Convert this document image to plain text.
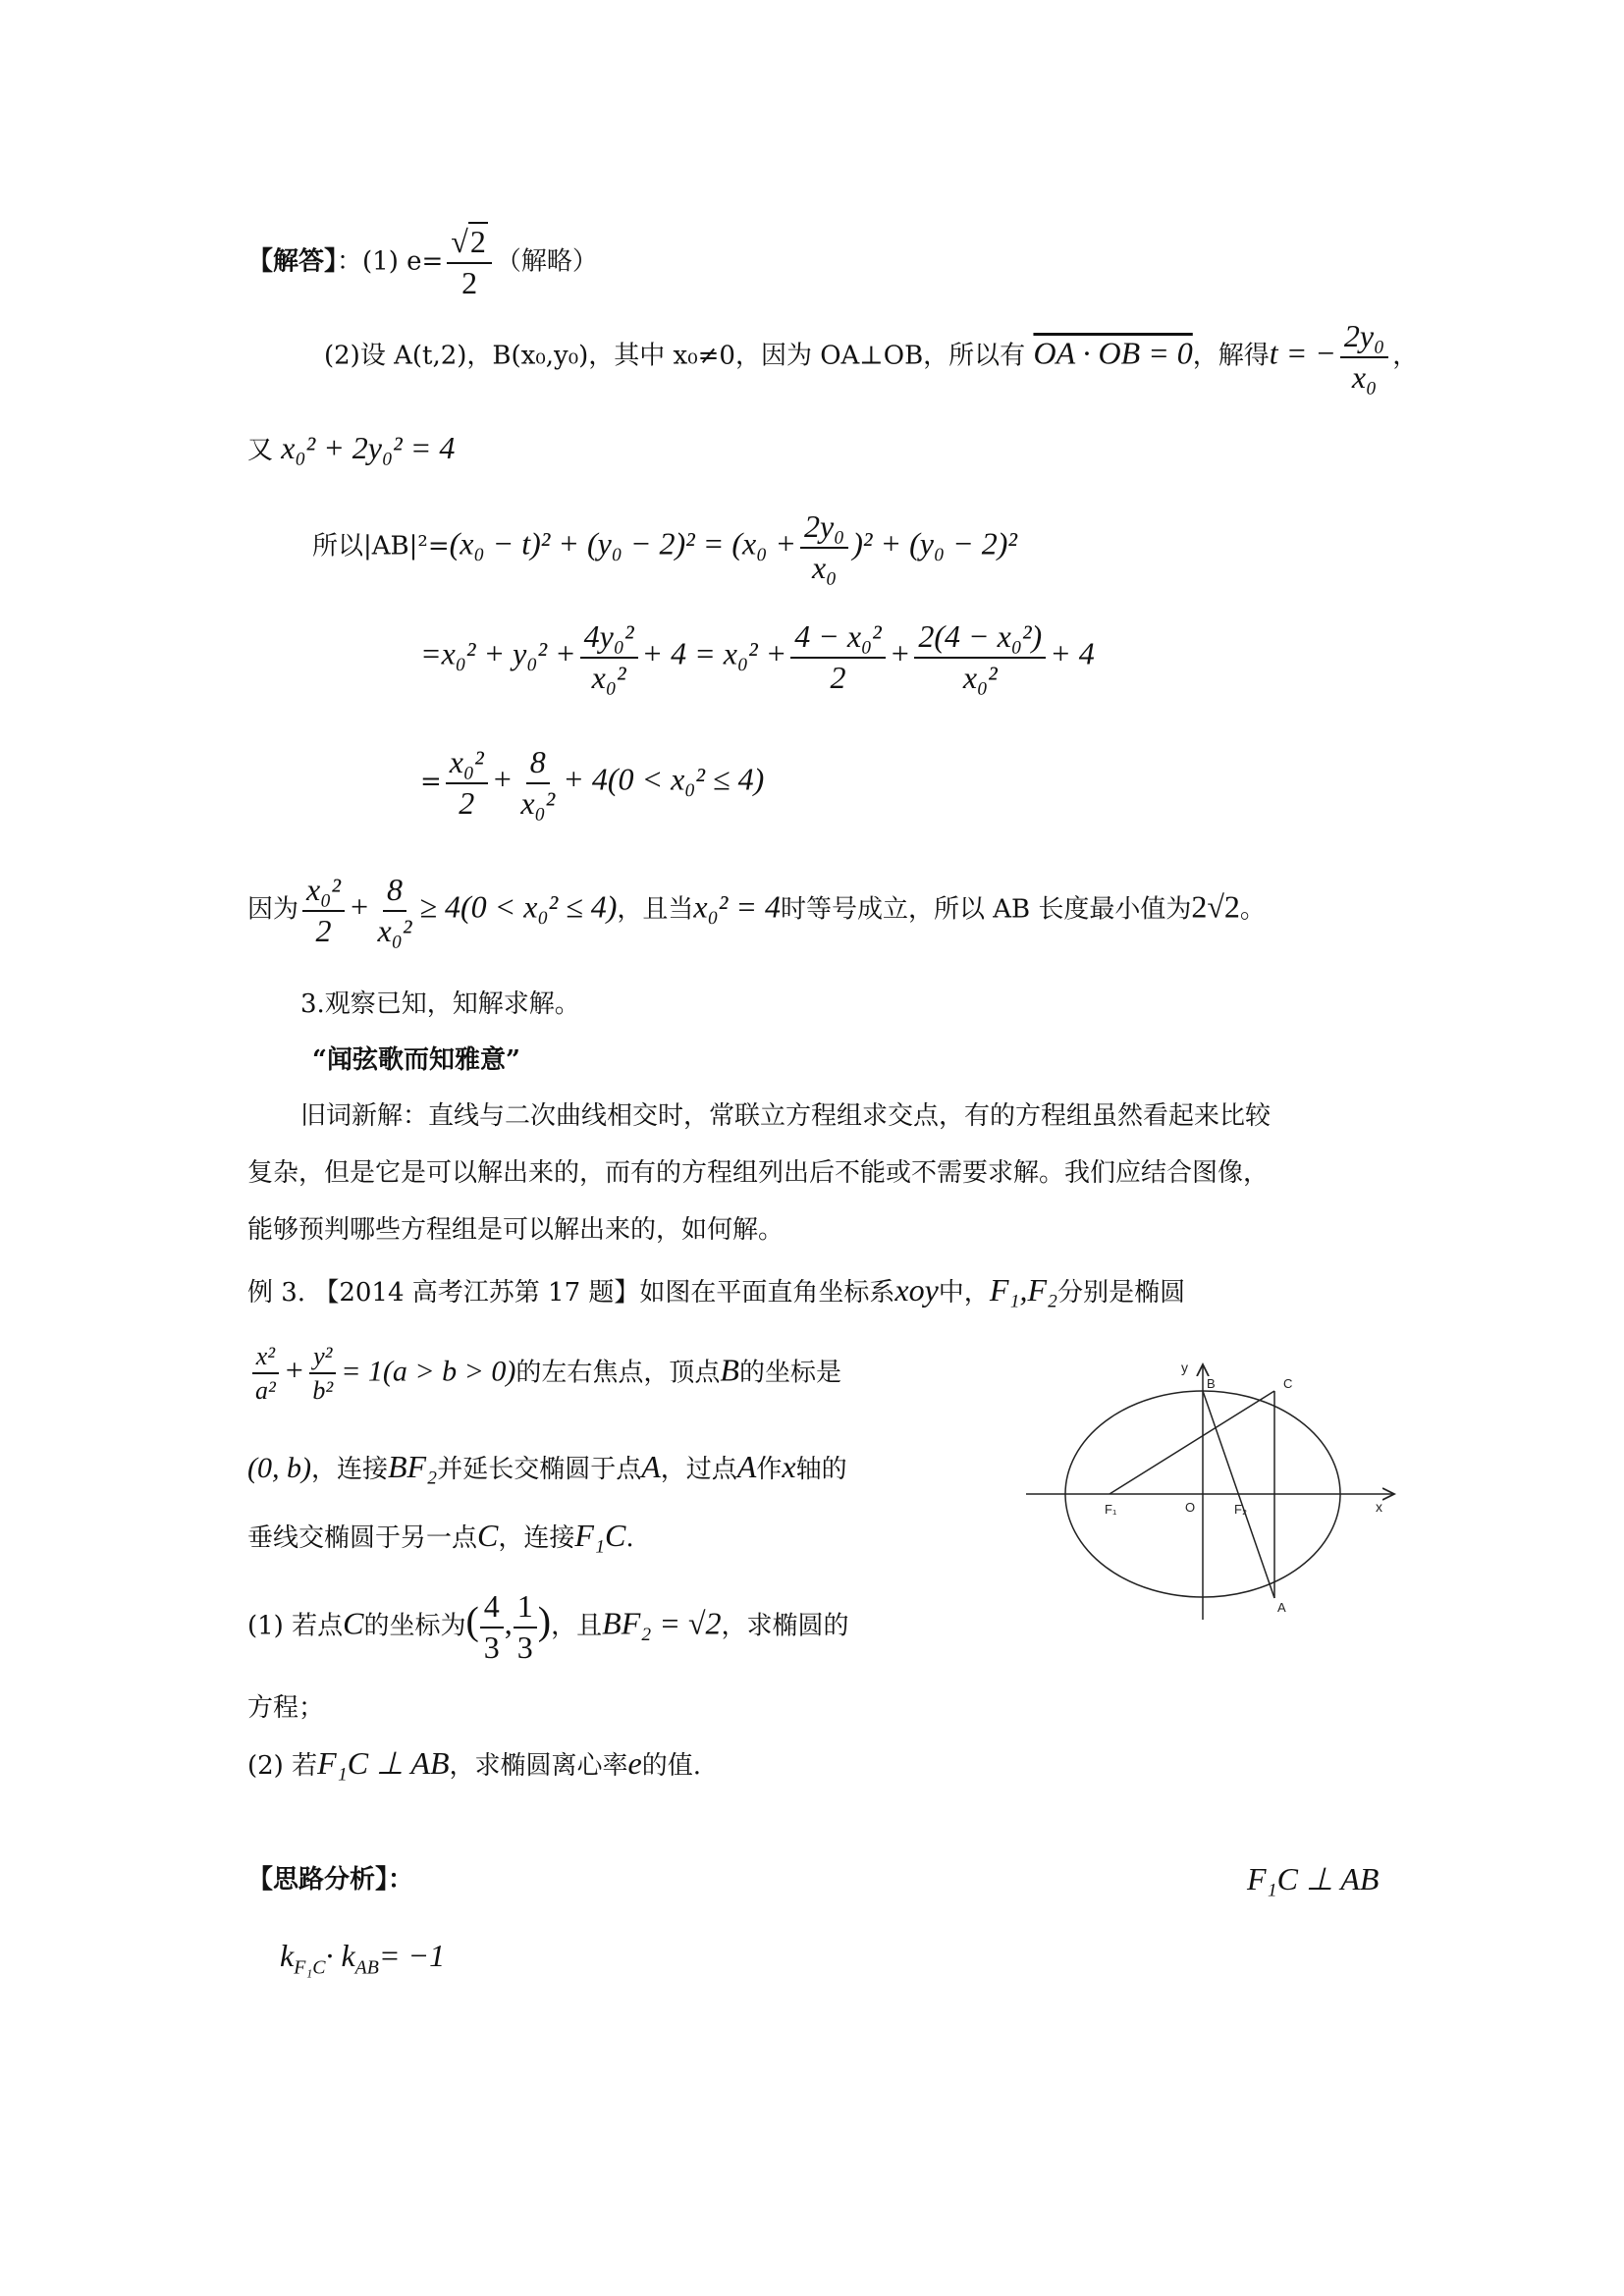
【解答】：(1) $e= \frac{√2}{2}$ （解略）
(2)设 A(t,2)，B(x₀,y₀)，其中 x₀≠0，因为 OA⊥OB，所以有 OA · OB = 0，解得t = − $\frac{\text{2y₀}}{\text{x₀}}$ ，
又 x₀² + 2y₀² = 4
所以$|AB|^2=(x_0 - t)^2 + (y_0 - 2)^2 = (x_0 + \frac{\text{2y₀}}{\text{x₀}} )^2 + (y_0 - 2)^2$
$=x_0^2 + y_0^2 + \frac{\text{4y₀²}}{\text{x₀²}} + 4 = x_0^2 + \frac{\text{4 − x₀²}}{2} + \frac{\text{2(4 − x₀²)}}{\text{x₀²}} + 4$
= $\frac{\text{x₀²}}{2} + \frac{8}{\text{x₀²}} + 4(0 < x_0^2 \le 4)$
因为 $\frac{\text{x₀²}}{2} + \frac{8}{\text{x₀²}} \ge 4(0 < x_0^2 \le 4)$，且当x₀² = 4时等号成立，所以 AB 长度最小值为2√2。
3.观察已知，知解求解。
“闻弦歌而知雅意”
旧词新解：直线与二次曲线相交时，常联立方程组求交点，有的方程组虽然看起来比较
复杂，但是它是可以解出来的，而有的方程组列出后不能或不需要求解。我们应结合图像，
能够预判哪些方程组是可以解出来的，如何解。
例 3. 【2014 高考江苏第 17 题】如图在平面直角坐标系xoy中，F₁,F₂分别是椭圆
$\frac{\text{x²}}{\text{a²}} + \frac{\text{y²}}{\text{b²}} = 1(a > b > 0)$的左右焦点，顶点B的坐标是
(0, b)，连接BF₂并延长交椭圆于点A，过点A作x轴的
垂线交椭圆于另一点C，连接F₁C.
(1) 若点C的坐标为( $\frac{4}{3}$ , $\frac{1}{3}$ )，且BF₂ = √2，求椭圆的
方程；
(2) 若F₁C ⊥ AB，求椭圆离心率e的值.
【思路分析】：	F₁C ⊥ AB
$k_{F_1C}\cdot k_{AB}= -1$
y
x
B	C
F₁	O	F₂
A
